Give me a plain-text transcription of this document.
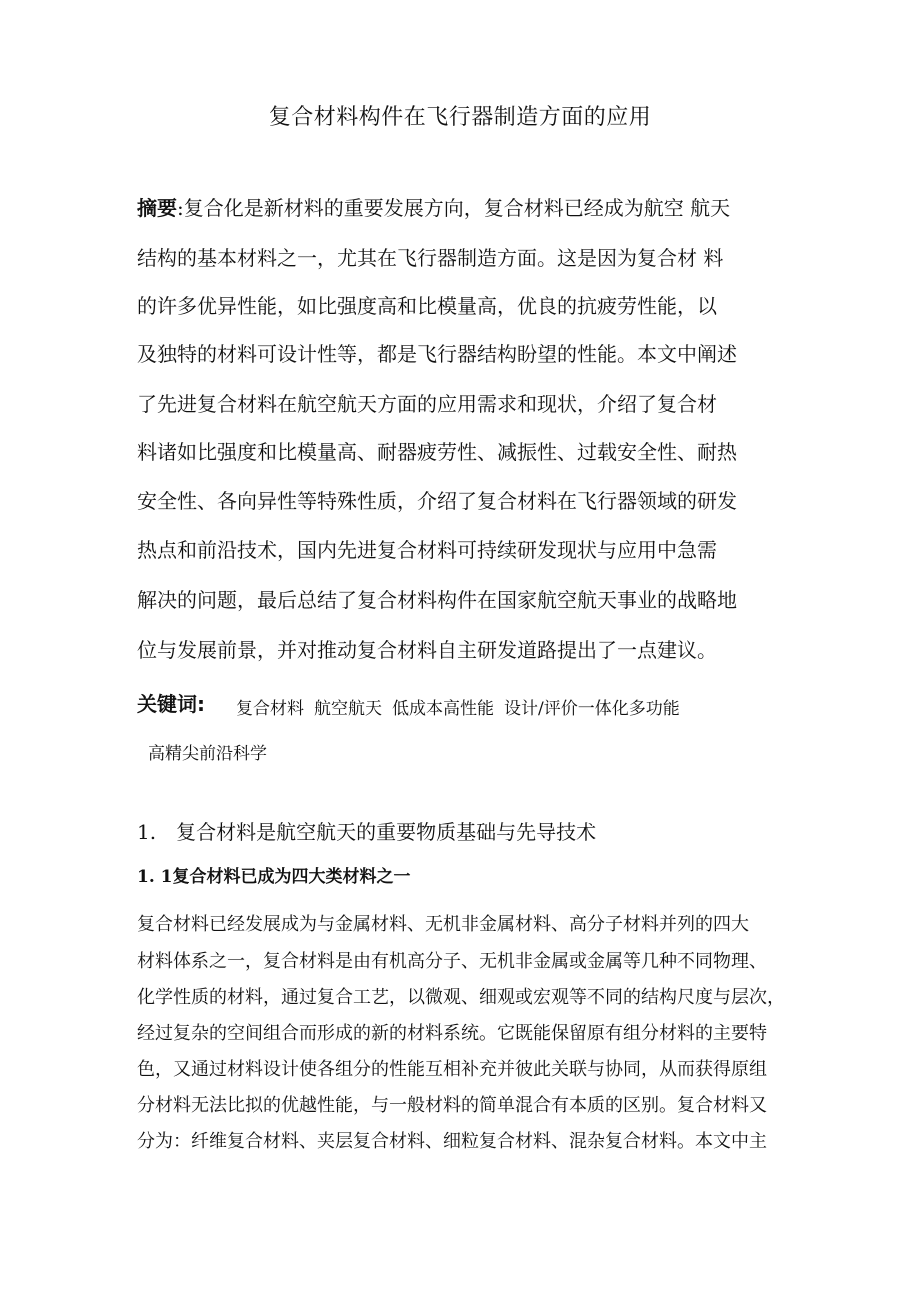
复合材料构件在飞行器制造方面的应用
摘要:复合化是新材料的重要发展方向，复合材料已经成为航空 航天
结构的基本材料之一，尤其在飞行器制造方面。这是因为复合材 料
的许多优异性能，如比强度高和比模量高，优良的抗疲劳性能，以
及独特的材料可设计性等，都是飞行器结构盼望的性能。本文中阐述
了先进复合材料在航空航天方面的应用需求和现状，介绍了复合材
料诸如比强度和比模量高、耐器疲劳性、减振性、过载安全性、耐热
安全性、各向异性等特殊性质，介绍了复合材料在飞行器领域的研发
热点和前沿技术，国内先进复合材料可持续研发现状与应用中急需
解决的问题，最后总结了复合材料构件在国家航空航天事业的战略地
位与发展前景，并对推动复合材料自主研发道路提出了一点建议。
关键词: 复合材料 航空航天 低成本高性能 设计/评价一体化多功能
高精尖前沿科学
1. 复合材料是航空航天的重要物质基础与先导技术
1. 1复合材料已成为四大类材料之一
复合材料已经发展成为与金属材料、无机非金属材料、高分子材料并列的四大
材料体系之一，复合材料是由有机高分子、无机非金属或金属等几种不同物理、
化学性质的材料，通过复合工艺，以微观、细观或宏观等不同的结构尺度与层次，
经过复杂的空间组合而形成的新的材料系统。它既能保留原有组分材料的主要特
色，又通过材料设计使各组分的性能互相补充并彼此关联与协同，从而获得原组
分材料无法比拟的优越性能，与一般材料的简单混合有本质的区别。复合材料又
分为：纤维复合材料、夹层复合材料、细粒复合材料、混杂复合材料。本文中主
